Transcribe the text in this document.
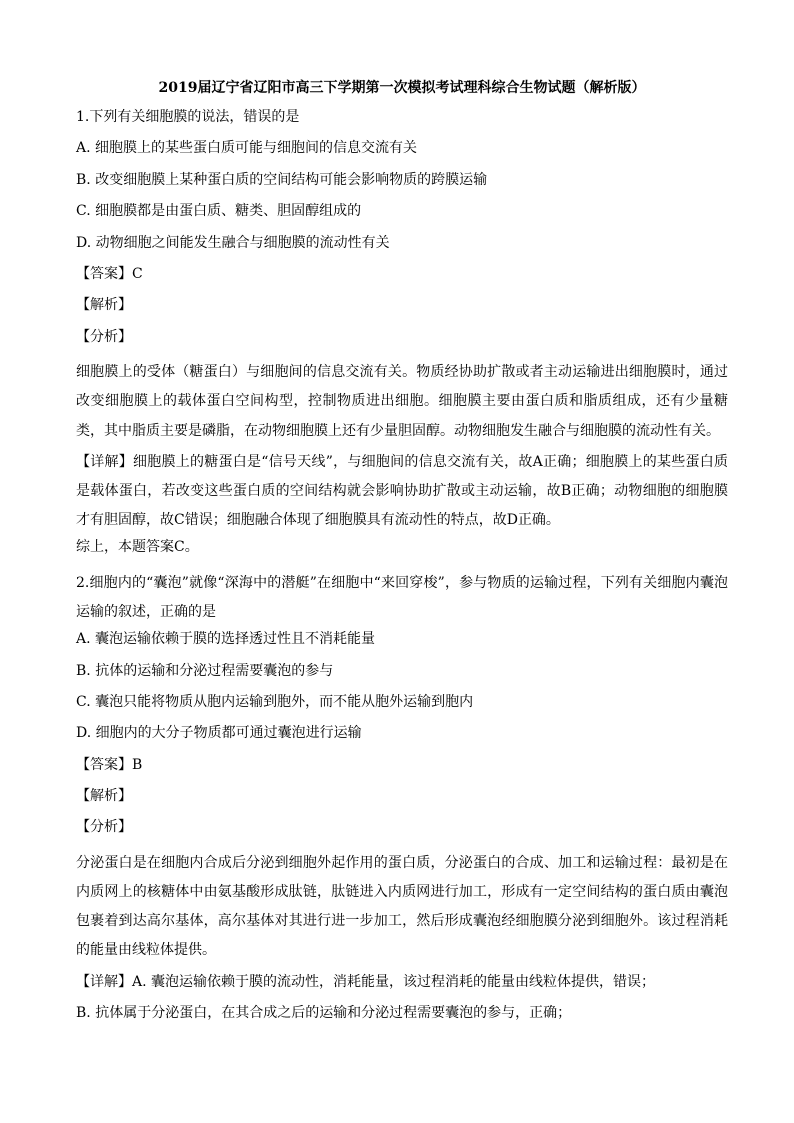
2019届辽宁省辽阳市高三下学期第一次模拟考试理科综合生物试题（解析版）
1.下列有关细胞膜的说法，错误的是
A. 细胞膜上的某些蛋白质可能与细胞间的信息交流有关
B. 改变细胞膜上某种蛋白质的空间结构可能会影响物质的跨膜运输
C. 细胞膜都是由蛋白质、糖类、胆固醇组成的
D. 动物细胞之间能发生融合与细胞膜的流动性有关
【答案】C
【解析】
【分析】
细胞膜上的受体（糖蛋白）与细胞间的信息交流有关。物质经协助扩散或者主动运输进出细胞膜时，通过改变细胞膜上的载体蛋白空间构型，控制物质进出细胞。细胞膜主要由蛋白质和脂质组成，还有少量糖类，其中脂质主要是磷脂，在动物细胞膜上还有少量胆固醇。动物细胞发生融合与细胞膜的流动性有关。
【详解】细胞膜上的糖蛋白是“信号天线”，与细胞间的信息交流有关，故A正确；细胞膜上的某些蛋白质是载体蛋白，若改变这些蛋白质的空间结构就会影响协助扩散或主动运输，故B正确；动物细胞的细胞膜才有胆固醇，故C错误；细胞融合体现了细胞膜具有流动性的特点，故D正确。
综上，本题答案C。
2.细胞内的“囊泡”就像“深海中的潜艇”在细胞中“来回穿梭”，参与物质的运输过程，下列有关细胞内囊泡运输的叙述，正确的是
A. 囊泡运输依赖于膜的选择透过性且不消耗能量
B. 抗体的运输和分泌过程需要囊泡的参与
C. 囊泡只能将物质从胞内运输到胞外，而不能从胞外运输到胞内
D. 细胞内的大分子物质都可通过囊泡进行运输
【答案】B
【解析】
【分析】
分泌蛋白是在细胞内合成后分泌到细胞外起作用的蛋白质，分泌蛋白的合成、加工和运输过程：最初是在内质网上的核糖体中由氨基酸形成肽链，肽链进入内质网进行加工，形成有一定空间结构的蛋白质由囊泡包裹着到达高尔基体，高尔基体对其进行进一步加工，然后形成囊泡经细胞膜分泌到细胞外。该过程消耗的能量由线粒体提供。
【详解】A. 囊泡运输依赖于膜的流动性，消耗能量，该过程消耗的能量由线粒体提供，错误；
B. 抗体属于分泌蛋白，在其合成之后的运输和分泌过程需要囊泡的参与，正确；
